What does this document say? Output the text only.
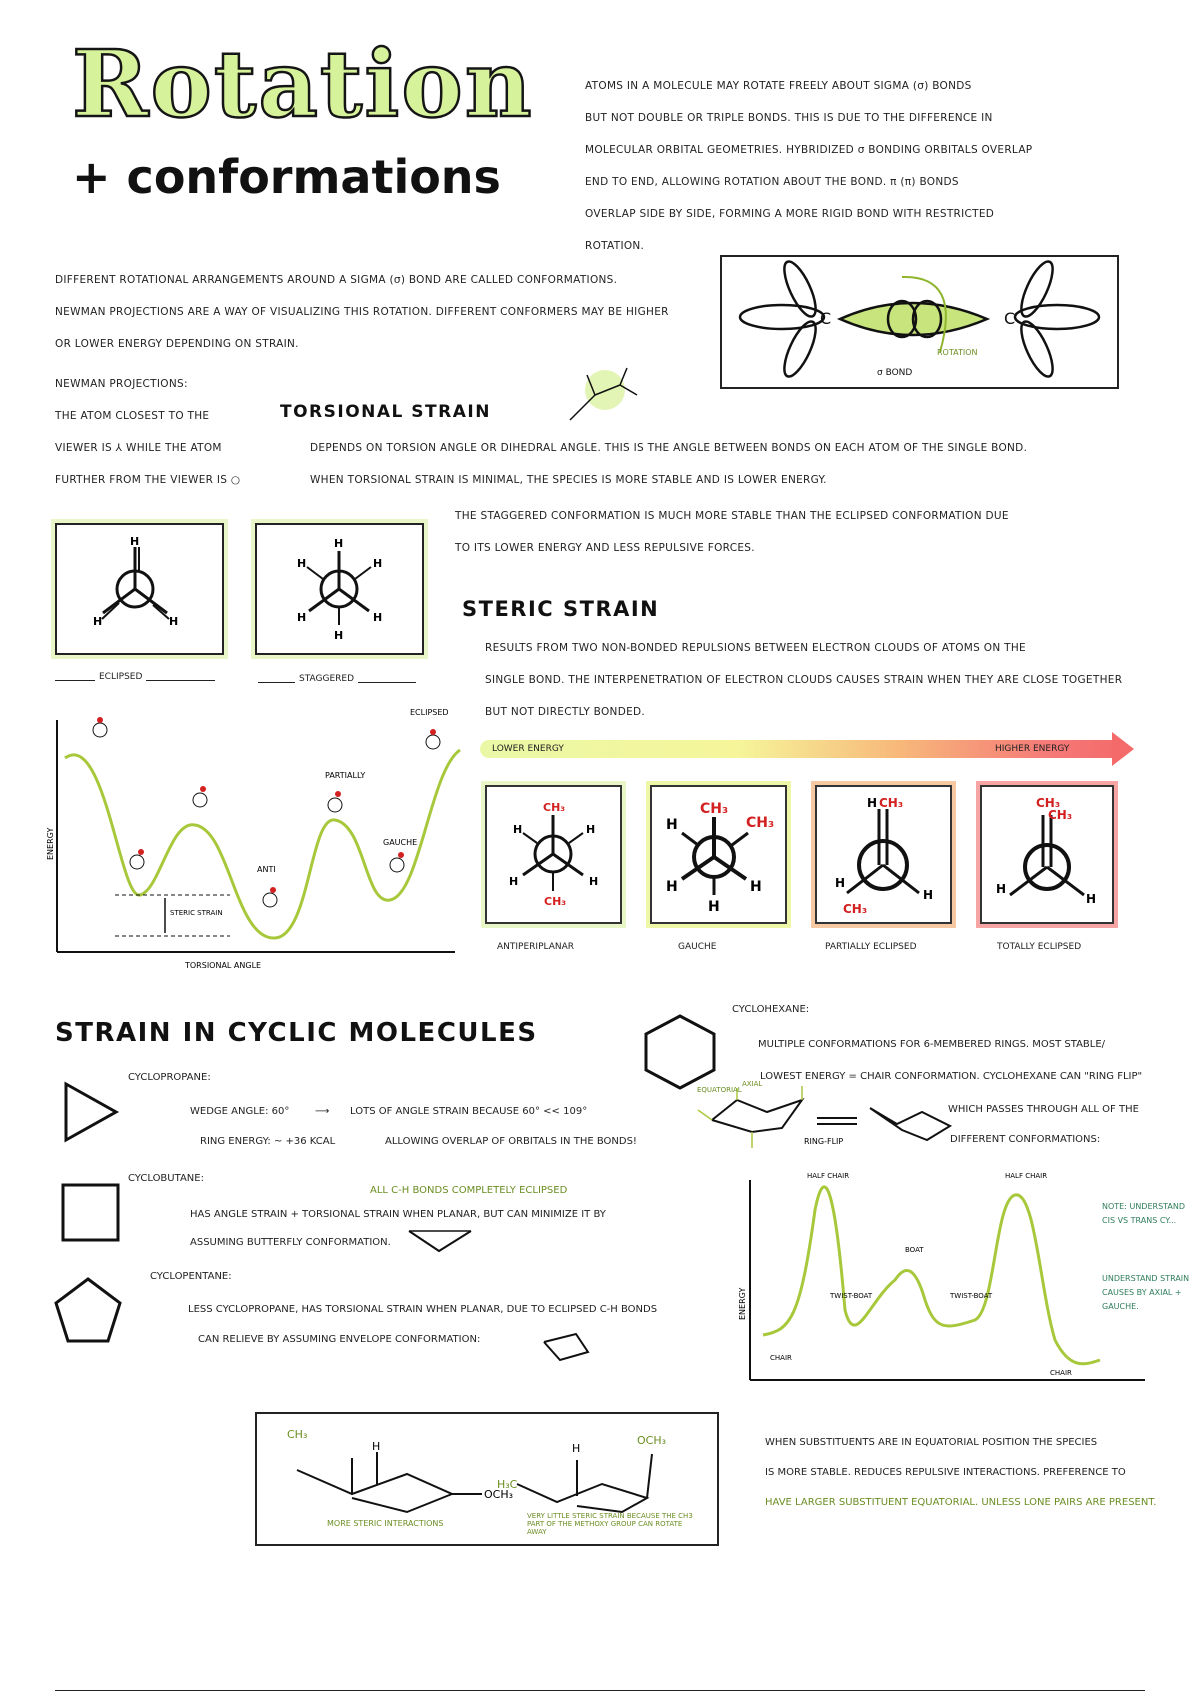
Rotation
+ conformations
ATOMS IN A MOLECULE MAY ROTATE FREELY ABOUT SIGMA (σ) BONDS
BUT NOT DOUBLE OR TRIPLE BONDS. THIS IS DUE TO THE DIFFERENCE IN
MOLECULAR ORBITAL GEOMETRIES. HYBRIDIZED σ BONDING ORBITALS OVERLAP
END TO END, ALLOWING ROTATION ABOUT THE BOND. π (π) BONDS
OVERLAP SIDE BY SIDE, FORMING A MORE RIGID BOND WITH RESTRICTED
ROTATION.
C	C
ROTATION
σ BOND
DIFFERENT ROTATIONAL ARRANGEMENTS AROUND A SIGMA (σ) BOND ARE CALLED CONFORMATIONS.
NEWMAN PROJECTIONS ARE A WAY OF VISUALIZING THIS ROTATION. DIFFERENT CONFORMERS MAY BE HIGHER
OR LOWER ENERGY DEPENDING ON STRAIN.
NEWMAN PROJECTIONS:
THE ATOM CLOSEST TO THE
VIEWER IS ⅄ WHILE THE ATOM
FURTHER FROM THE VIEWER IS ○
TORSIONAL STRAIN
DEPENDS ON TORSION ANGLE OR DIHEDRAL ANGLE. THIS IS THE ANGLE BETWEEN BONDS ON EACH ATOM OF THE SINGLE BOND.
WHEN TORSIONAL STRAIN IS MINIMAL, THE SPECIES IS MORE STABLE AND IS LOWER ENERGY.
THE STAGGERED CONFORMATION IS MUCH MORE STABLE THAN THE ECLIPSED CONFORMATION DUE
TO ITS LOWER ENERGY AND LESS REPULSIVE FORCES.
H
H	H
H
H
H	H
H	H
ECLIPSED	STAGGERED
STERIC STRAIN
ECLIPSED
PARTIALLY
GAUCHE
ANTI
ENERGY
TORSIONAL ANGLE
STERIC STRAIN
RESULTS FROM TWO NON-BONDED REPULSIONS BETWEEN ELECTRON CLOUDS OF ATOMS ON THE
SINGLE BOND. THE INTERPENETRATION OF ELECTRON CLOUDS CAUSES STRAIN WHEN THEY ARE CLOSE TOGETHER
BUT NOT DIRECTLY BONDED.
LOWER ENERGY	HIGHER ENERGY
CH₃
CH₃
H	H
H	H
CH₃
CH₃
H
H
H	H
CH₃
H
CH₃
H
H
CH₃
CH₃
H
H
ANTIPERIPLANAR	GAUCHE	PARTIALLY ECLIPSED	TOTALLY ECLIPSED
STRAIN IN CYCLIC MOLECULES
CYCLOPROPANE:
WEDGE ANGLE: 60°	⟶ LOTS OF ANGLE STRAIN BECAUSE 60° << 109°
RING ENERGY: ~ +36 KCAL	ALLOWING OVERLAP OF ORBITALS IN THE BONDS!
CYCLOBUTANE:
ALL C-H BONDS COMPLETELY ECLIPSED
HAS ANGLE STRAIN + TORSIONAL STRAIN WHEN PLANAR, BUT CAN MINIMIZE IT BY
ASSUMING BUTTERFLY CONFORMATION.
CYCLOPENTANE:
LESS CYCLOPROPANE, HAS TORSIONAL STRAIN WHEN PLANAR, DUE TO ECLIPSED C-H BONDS
CAN RELIEVE BY ASSUMING ENVELOPE CONFORMATION:
CYCLOHEXANE:
MULTIPLE CONFORMATIONS FOR 6-MEMBERED RINGS. MOST STABLE/
LOWEST ENERGY = CHAIR CONFORMATION. CYCLOHEXANE CAN "RING FLIP"
WHICH PASSES THROUGH ALL OF THE
DIFFERENT CONFORMATIONS:
EQUATORIAL
AXIAL
RING-FLIP
ENERGY
HALF CHAIR	HALF CHAIR
TWIST-BOAT	TWIST-BOAT
BOAT
CHAIR
CHAIR
NOTE: UNDERSTAND CIS VS TRANS CY...
UNDERSTAND STRAIN CAUSES BY AXIAL + GAUCHE.
CH₃
H
OCH₃
MORE STERIC INTERACTIONS
H₃C
H
OCH₃
VERY LITTLE STERIC STRAIN BECAUSE THE CH3 PART OF THE METHOXY GROUP CAN ROTATE AWAY
WHEN SUBSTITUENTS ARE IN EQUATORIAL POSITION THE SPECIES
IS MORE STABLE. REDUCES REPULSIVE INTERACTIONS. PREFERENCE TO
HAVE LARGER SUBSTITUENT EQUATORIAL. UNLESS LONE PAIRS ARE PRESENT.
